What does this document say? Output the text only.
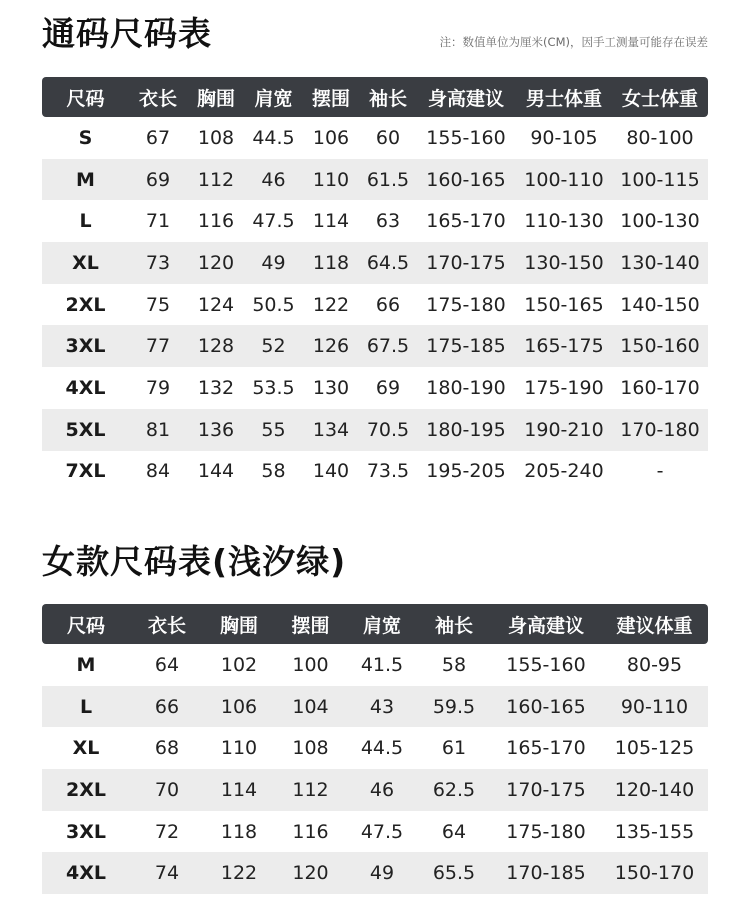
通码尺码表	注：数值单位为厘米(CM)，因手工测量可能存在误差
尺码	衣长	胸围	肩宽	摆围	袖长	身高建议	男士体重	女士体重
S	67	108	44.5	106	60	155-160	90-105	80-100
M	69	112	46	110	61.5	160-165	100-110	100-115
L	71	116	47.5	114	63	165-170	110-130	100-130
XL	73	120	49	118	64.5	170-175	130-150	130-140
2XL	75	124	50.5	122	66	175-180	150-165	140-150
3XL	77	128	52	126	67.5	175-185	165-175	150-160
4XL	79	132	53.5	130	69	180-190	175-190	160-170
5XL	81	136	55	134	70.5	180-195	190-210	170-180
7XL	84	144	58	140	73.5	195-205	205-240	-
女款尺码表(浅汐绿)
尺码	衣长	胸围	摆围	肩宽	袖长	身高建议	建议体重
M	64	102	100	41.5	58	155-160	80-95
L	66	106	104	43	59.5	160-165	90-110
XL	68	110	108	44.5	61	165-170	105-125
2XL	70	114	112	46	62.5	170-175	120-140
3XL	72	118	116	47.5	64	175-180	135-155
4XL	74	122	120	49	65.5	170-185	150-170
